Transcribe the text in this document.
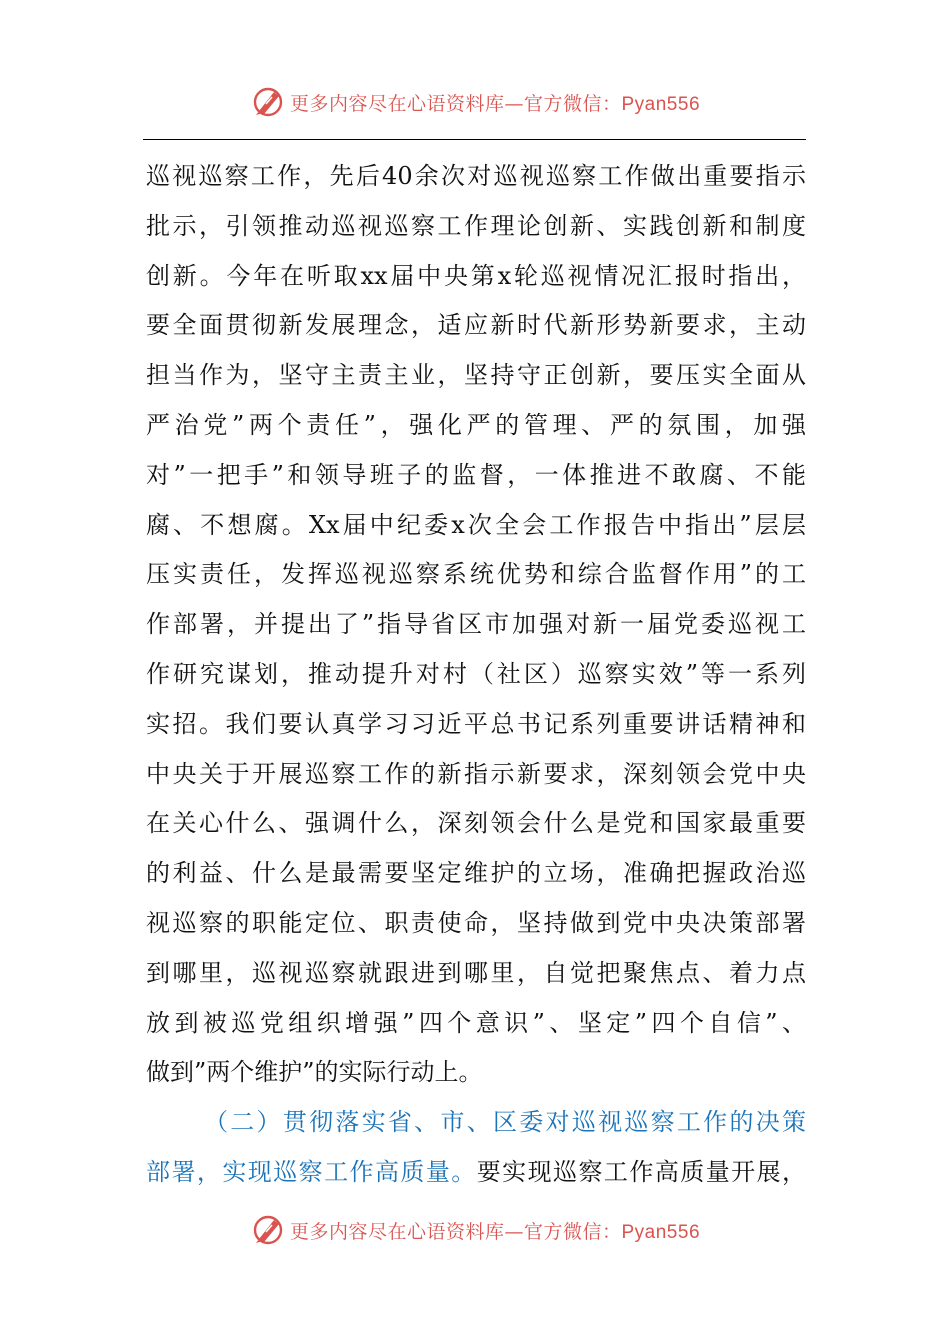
更多内容尽在心语资料库—官方微信：Pyan556
巡视巡察工作，先后40余次对巡视巡察工作做出重要指示
批示，引领推动巡视巡察工作理论创新、实践创新和制度
创新。今年在听取xx届中央第x轮巡视情况汇报时指出，
要全面贯彻新发展理念，适应新时代新形势新要求，主动
担当作为，坚守主责主业，坚持守正创新，要压实全面从
严治党”两个责任”，强化严的管理、严的氛围，加强
对”一把手”和领导班子的监督，一体推进不敢腐、不能
腐、不想腐。Xx届中纪委x次全会工作报告中指出”层层
压实责任，发挥巡视巡察系统优势和综合监督作用”的工
作部署，并提出了”指导省区市加强对新一届党委巡视工
作研究谋划，推动提升对村（社区）巡察实效”等一系列
实招。我们要认真学习习近平总书记系列重要讲话精神和
中央关于开展巡察工作的新指示新要求，深刻领会党中央
在关心什么、强调什么，深刻领会什么是党和国家最重要
的利益、什么是最需要坚定维护的立场，准确把握政治巡
视巡察的职能定位、职责使命，坚持做到党中央决策部署
到哪里，巡视巡察就跟进到哪里，自觉把聚焦点、着力点
放到被巡党组织增强”四个意识”、坚定”四个自信”、
做到”两个维护”的实际行动上。
（二）贯彻落实省、市、区委对巡视巡察工作的决策
部署，实现巡察工作高质量。要实现巡察工作高质量开展，
更多内容尽在心语资料库—官方微信：Pyan556
